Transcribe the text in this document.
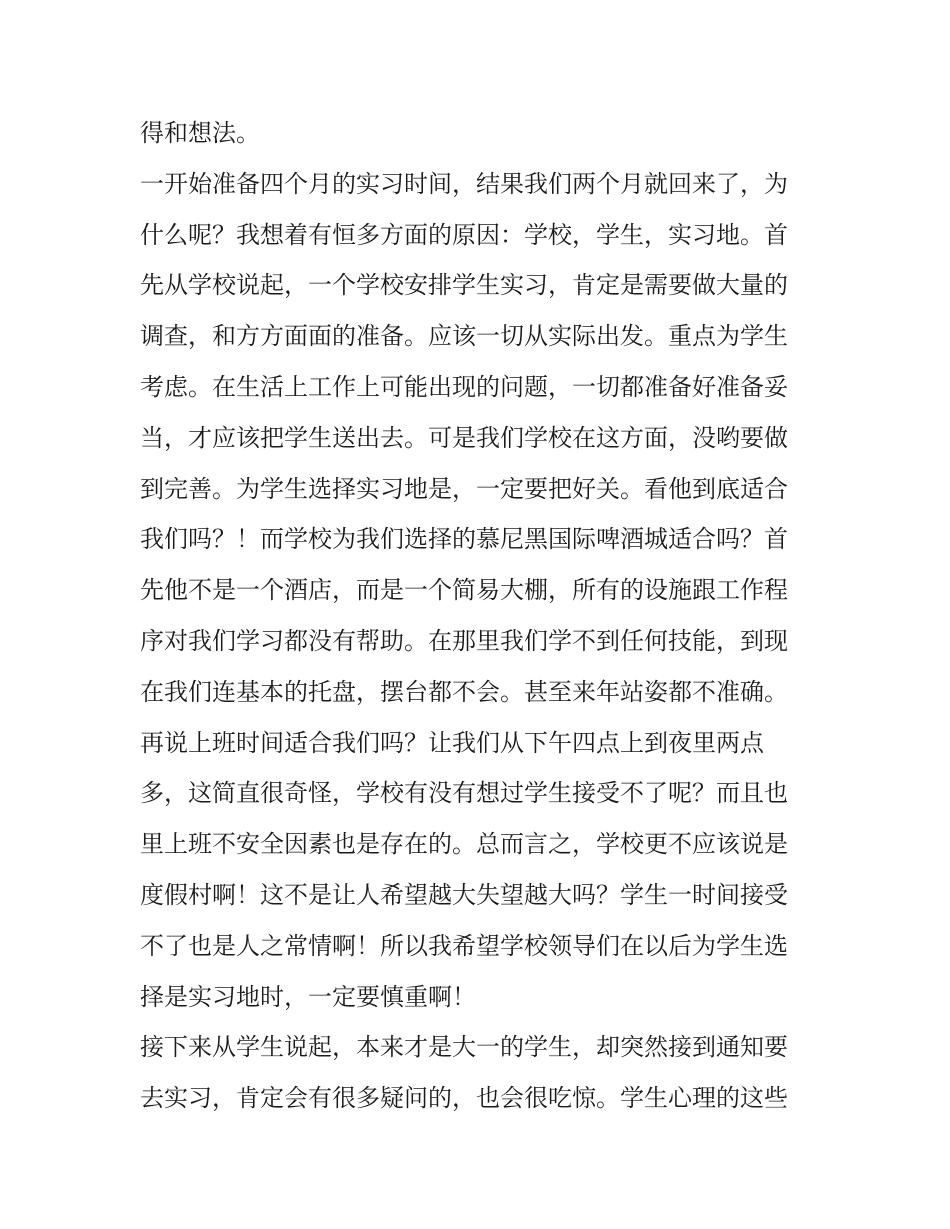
得和想法。
一开始准备四个月的实习时间，结果我们两个月就回来了，为
什么呢？我想着有恒多方面的原因：学校，学生，实习地。首
先从学校说起，一个学校安排学生实习，肯定是需要做大量的
调查，和方方面面的准备。应该一切从实际出发。重点为学生
考虑。在生活上工作上可能出现的问题，一切都准备好准备妥
当，才应该把学生送出去。可是我们学校在这方面，没哟要做
到完善。为学生选择实习地是，一定要把好关。看他到底适合
我们吗？！而学校为我们选择的慕尼黑国际啤酒城适合吗？首
先他不是一个酒店，而是一个简易大棚，所有的设施跟工作程
序对我们学习都没有帮助。在那里我们学不到任何技能，到现
在我们连基本的托盘，摆台都不会。甚至来年站姿都不准确。
再说上班时间适合我们吗？让我们从下午四点上到夜里两点
多，这简直很奇怪，学校有没有想过学生接受不了呢？而且也
里上班不安全因素也是存在的。总而言之，学校更不应该说是
度假村啊！这不是让人希望越大失望越大吗？学生一时间接受
不了也是人之常情啊！所以我希望学校领导们在以后为学生选
择是实习地时，一定要慎重啊！
接下来从学生说起，本来才是大一的学生，却突然接到通知要
去实习，肯定会有很多疑问的，也会很吃惊。学生心理的这些
